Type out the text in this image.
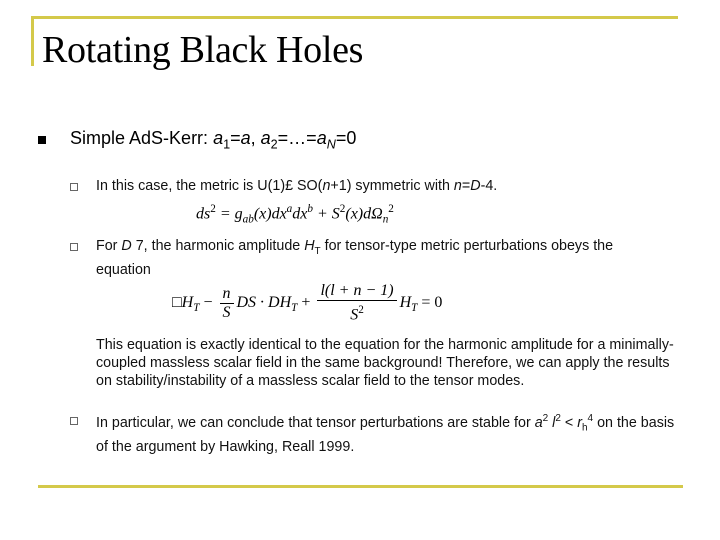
Rotating Black Holes
Simple AdS-Kerr: $a_1=a$, $a_2=\dots=a_N=0$
In this case, the metric is U(1)£ SO(n+1) symmetric with n=D-4.
$ds^2 = g_{ab}(x)dx^adx^b + S^2(x)d\Omega_n^2$
For D 7, the harmonic amplitude $H_T$ for tensor-type metric perturbations obeys the equation
$□H_T - \frac{n}{S}$ DS · $DH_T + \frac{l(l + n - 1)}{S^2} H_T = 0$
This equation is exactly identical to the equation for the harmonic amplitude for a minimally-coupled massless scalar field in the same background! Therefore, we can apply the results on stability/instability of a massless scalar field to the tensor modes.
In particular, we can conclude that tensor perturbations are stable for $a^2$ $l^2 < r_h^4$ on the basis of the argument by Hawking, Reall 1999.
